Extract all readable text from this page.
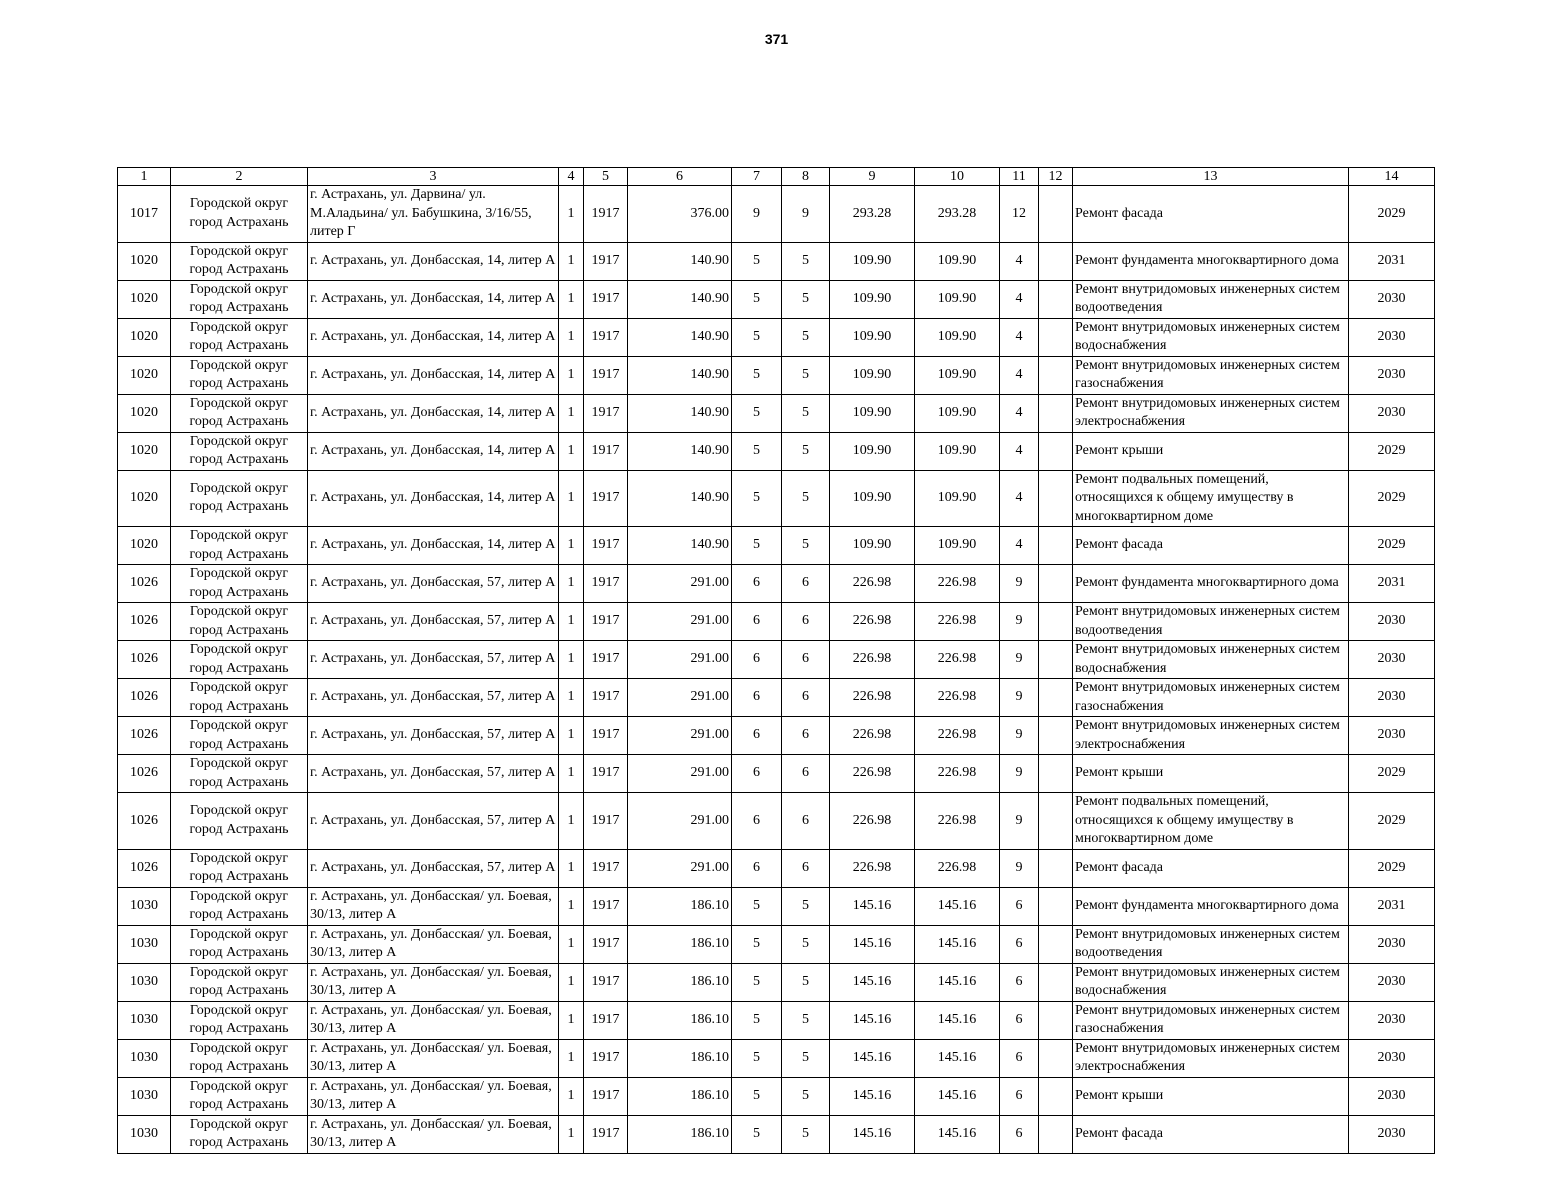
371
1	2	3	4	5	6	7	8	9	10	11	12	13	14
1017	Городской округ город Астрахань	г. Астрахань, ул. Дарвина/ ул. М.Аладьина/ ул. Бабушкина, 3/16/55, литер Г	1	1917	376.00	9	9	293.28	293.28	12		Ремонт фасада	2029
1020	Городской округ город Астрахань	г. Астрахань, ул. Донбасская, 14, литер А	1	1917	140.90	5	5	109.90	109.90	4		Ремонт фундамента многоквартирного дома	2031
1020	Городской округ город Астрахань	г. Астрахань, ул. Донбасская, 14, литер А	1	1917	140.90	5	5	109.90	109.90	4		Ремонт внутридомовых инженерных систем водоотведения	2030
1020	Городской округ город Астрахань	г. Астрахань, ул. Донбасская, 14, литер А	1	1917	140.90	5	5	109.90	109.90	4		Ремонт внутридомовых инженерных систем водоснабжения	2030
1020	Городской округ город Астрахань	г. Астрахань, ул. Донбасская, 14, литер А	1	1917	140.90	5	5	109.90	109.90	4		Ремонт внутридомовых инженерных систем газоснабжения	2030
1020	Городской округ город Астрахань	г. Астрахань, ул. Донбасская, 14, литер А	1	1917	140.90	5	5	109.90	109.90	4		Ремонт внутридомовых инженерных систем электроснабжения	2030
1020	Городской округ город Астрахань	г. Астрахань, ул. Донбасская, 14, литер А	1	1917	140.90	5	5	109.90	109.90	4		Ремонт крыши	2029
1020	Городской округ город Астрахань	г. Астрахань, ул. Донбасская, 14, литер А	1	1917	140.90	5	5	109.90	109.90	4		Ремонт подвальных помещений, относящихся к общему имуществу в многоквартирном доме	2029
1020	Городской округ город Астрахань	г. Астрахань, ул. Донбасская, 14, литер А	1	1917	140.90	5	5	109.90	109.90	4		Ремонт фасада	2029
1026	Городской округ город Астрахань	г. Астрахань, ул. Донбасская, 57, литер А	1	1917	291.00	6	6	226.98	226.98	9		Ремонт фундамента многоквартирного дома	2031
1026	Городской округ город Астрахань	г. Астрахань, ул. Донбасская, 57, литер А	1	1917	291.00	6	6	226.98	226.98	9		Ремонт внутридомовых инженерных систем водоотведения	2030
1026	Городской округ город Астрахань	г. Астрахань, ул. Донбасская, 57, литер А	1	1917	291.00	6	6	226.98	226.98	9		Ремонт внутридомовых инженерных систем водоснабжения	2030
1026	Городской округ город Астрахань	г. Астрахань, ул. Донбасская, 57, литер А	1	1917	291.00	6	6	226.98	226.98	9		Ремонт внутридомовых инженерных систем газоснабжения	2030
1026	Городской округ город Астрахань	г. Астрахань, ул. Донбасская, 57, литер А	1	1917	291.00	6	6	226.98	226.98	9		Ремонт внутридомовых инженерных систем электроснабжения	2030
1026	Городской округ город Астрахань	г. Астрахань, ул. Донбасская, 57, литер А	1	1917	291.00	6	6	226.98	226.98	9		Ремонт крыши	2029
1026	Городской округ город Астрахань	г. Астрахань, ул. Донбасская, 57, литер А	1	1917	291.00	6	6	226.98	226.98	9		Ремонт подвальных помещений, относящихся к общему имуществу в многоквартирном доме	2029
1026	Городской округ город Астрахань	г. Астрахань, ул. Донбасская, 57, литер А	1	1917	291.00	6	6	226.98	226.98	9		Ремонт фасада	2029
1030	Городской округ город Астрахань	г. Астрахань, ул. Донбасская/ ул. Боевая, 30/13, литер А	1	1917	186.10	5	5	145.16	145.16	6		Ремонт фундамента многоквартирного дома	2031
1030	Городской округ город Астрахань	г. Астрахань, ул. Донбасская/ ул. Боевая, 30/13, литер А	1	1917	186.10	5	5	145.16	145.16	6		Ремонт внутридомовых инженерных систем водоотведения	2030
1030	Городской округ город Астрахань	г. Астрахань, ул. Донбасская/ ул. Боевая, 30/13, литер А	1	1917	186.10	5	5	145.16	145.16	6		Ремонт внутридомовых инженерных систем водоснабжения	2030
1030	Городской округ город Астрахань	г. Астрахань, ул. Донбасская/ ул. Боевая, 30/13, литер А	1	1917	186.10	5	5	145.16	145.16	6		Ремонт внутридомовых инженерных систем газоснабжения	2030
1030	Городской округ город Астрахань	г. Астрахань, ул. Донбасская/ ул. Боевая, 30/13, литер А	1	1917	186.10	5	5	145.16	145.16	6		Ремонт внутридомовых инженерных систем электроснабжения	2030
1030	Городской округ город Астрахань	г. Астрахань, ул. Донбасская/ ул. Боевая, 30/13, литер А	1	1917	186.10	5	5	145.16	145.16	6		Ремонт крыши	2030
1030	Городской округ город Астрахань	г. Астрахань, ул. Донбасская/ ул. Боевая, 30/13, литер А	1	1917	186.10	5	5	145.16	145.16	6		Ремонт фасада	2030
